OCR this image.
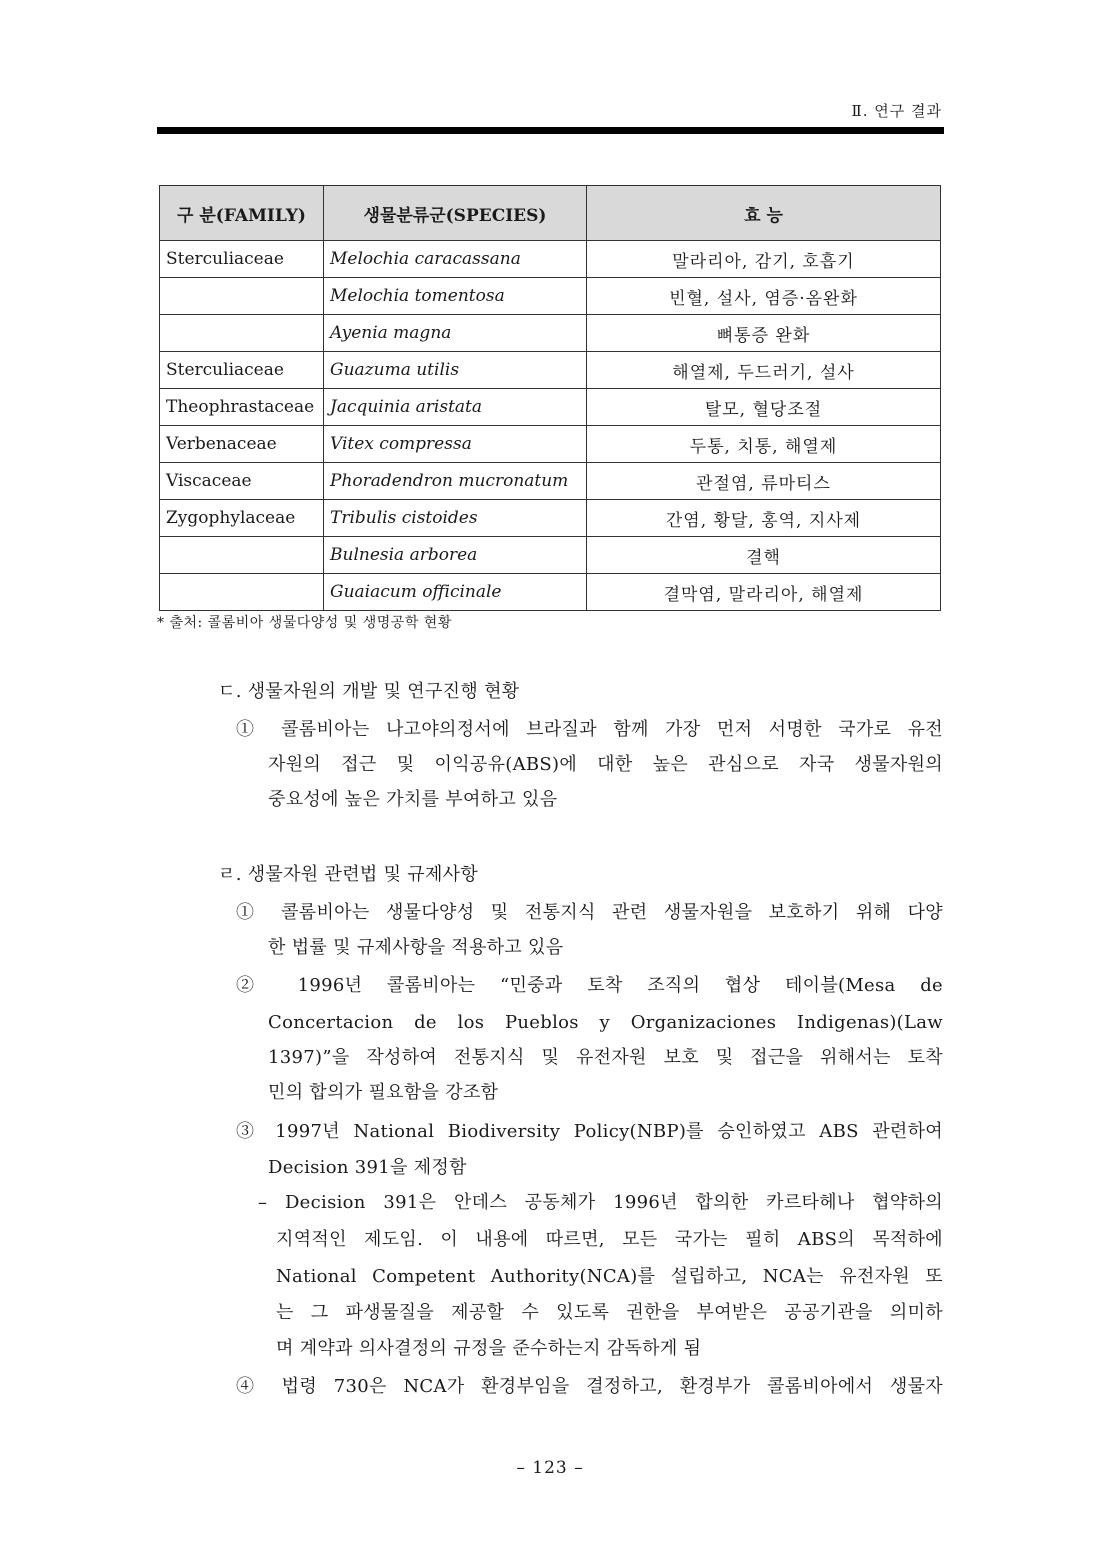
Ⅱ. 연구 결과
구 분(FAMILY)	생물분류군(SPECIES)	효 능
Sterculiaceae	Melochia caracassana	말라리아, 감기, 호흡기
	Melochia tomentosa	빈혈, 설사, 염증·옴완화
	Ayenia magna	뼈통증 완화
Sterculiaceae	Guazuma utilis	해열제, 두드러기, 설사
Theophrastaceae	Jacquinia aristata	탈모, 혈당조절
Verbenaceae	Vitex compressa	두통, 치통, 해열제
Viscaceae	Phoradendron mucronatum	관절염, 류마티스
Zygophylaceae	Tribulis cistoides	간염, 황달, 홍역, 지사제
	Bulnesia arborea	결핵
	Guaiacum officinale	결막염, 말라리아, 해열제
* 출처: 콜롬비아 생물다양성 및 생명공학 현황
ㄷ. 생물자원의 개발 및 연구진행 현황
① 콜롬비아는 나고야의정서에 브라질과 함께 가장 먼저 서명한 국가로 유전
자원의 접근 및 이익공유(ABS)에 대한 높은 관심으로 자국 생물자원의
중요성에 높은 가치를 부여하고 있음
ㄹ. 생물자원 관련법 및 규제사항
① 콜롬비아는 생물다양성 및 전통지식 관련 생물자원을 보호하기 위해 다양
한 법률 및 규제사항을 적용하고 있음
② 1996년 콜롬비아는 “민중과 토착 조직의 협상 테이블(Mesa de
Concertacion de los Pueblos y Organizaciones Indigenas)(Law
1397)”을 작성하여 전통지식 및 유전자원 보호 및 접근을 위해서는 토착
민의 합의가 필요함을 강조함
③ 1997년 National Biodiversity Policy(NBP)를 승인하였고 ABS 관련하여
Decision 391을 제정함
– Decision 391은 안데스 공동체가 1996년 합의한 카르타헤나 협약하의
지역적인 제도임. 이 내용에 따르면, 모든 국가는 필히 ABS의 목적하에
National Competent Authority(NCA)를 설립하고, NCA는 유전자원 또
는 그 파생물질을 제공할 수 있도록 권한을 부여받은 공공기관을 의미하
며 계약과 의사결정의 규정을 준수하는지 감독하게 됨
④ 법령 730은 NCA가 환경부임을 결정하고, 환경부가 콜롬비아에서 생물자
– 123 –
